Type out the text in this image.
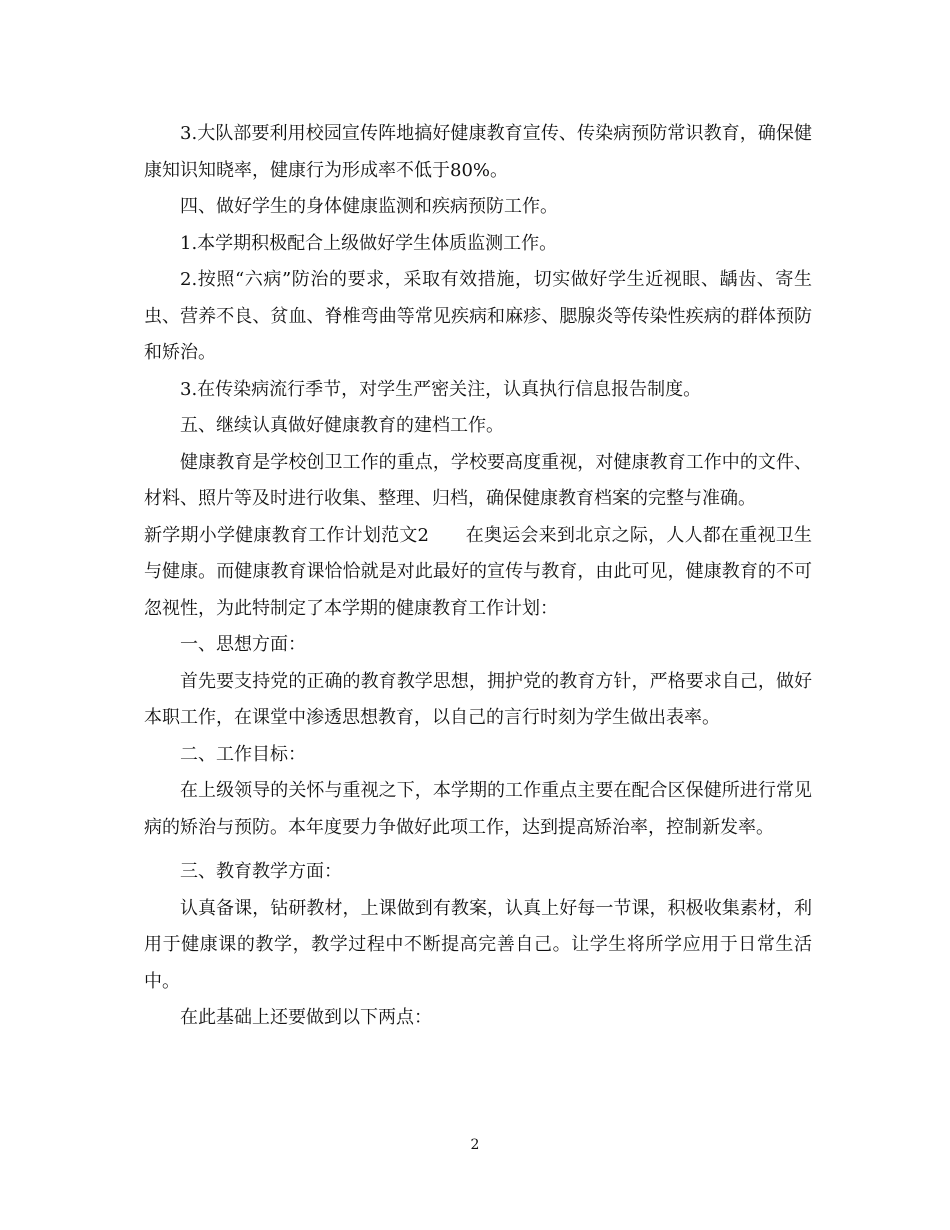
3.大队部要利用校园宣传阵地搞好健康教育宣传、传染病预防常识教育，确保健康知识知晓率，健康行为形成率不低于80%。

四、做好学生的身体健康监测和疾病预防工作。

1.本学期积极配合上级做好学生体质监测工作。

2.按照“六病”防治的要求，采取有效措施，切实做好学生近视眼、龋齿、寄生虫、营养不良、贫血、脊椎弯曲等常见疾病和麻疹、腮腺炎等传染性疾病的群体预防和矫治。

3.在传染病流行季节，对学生严密关注，认真执行信息报告制度。

五、继续认真做好健康教育的建档工作。

健康教育是学校创卫工作的重点，学校要高度重视，对健康教育工作中的文件、材料、照片等及时进行收集、整理、归档，确保健康教育档案的完整与准确。

新学期小学健康教育工作计划范文2　　在奥运会来到北京之际，人人都在重视卫生与健康。而健康教育课恰恰就是对此最好的宣传与教育，由此可见，健康教育的不可忽视性，为此特制定了本学期的健康教育工作计划：

一、思想方面：

首先要支持党的正确的教育教学思想，拥护党的教育方针，严格要求自己，做好本职工作，在课堂中渗透思想教育，以自己的言行时刻为学生做出表率。

二、工作目标：

在上级领导的关怀与重视之下，本学期的工作重点主要在配合区保健所进行常见病的矫治与预防。本年度要力争做好此项工作，达到提高矫治率，控制新发率。

三、教育教学方面：

认真备课，钻研教材，上课做到有教案，认真上好每一节课，积极收集素材，利用于健康课的教学，教学过程中不断提高完善自己。让学生将所学应用于日常生活中。

在此基础上还要做到以下两点：

2
